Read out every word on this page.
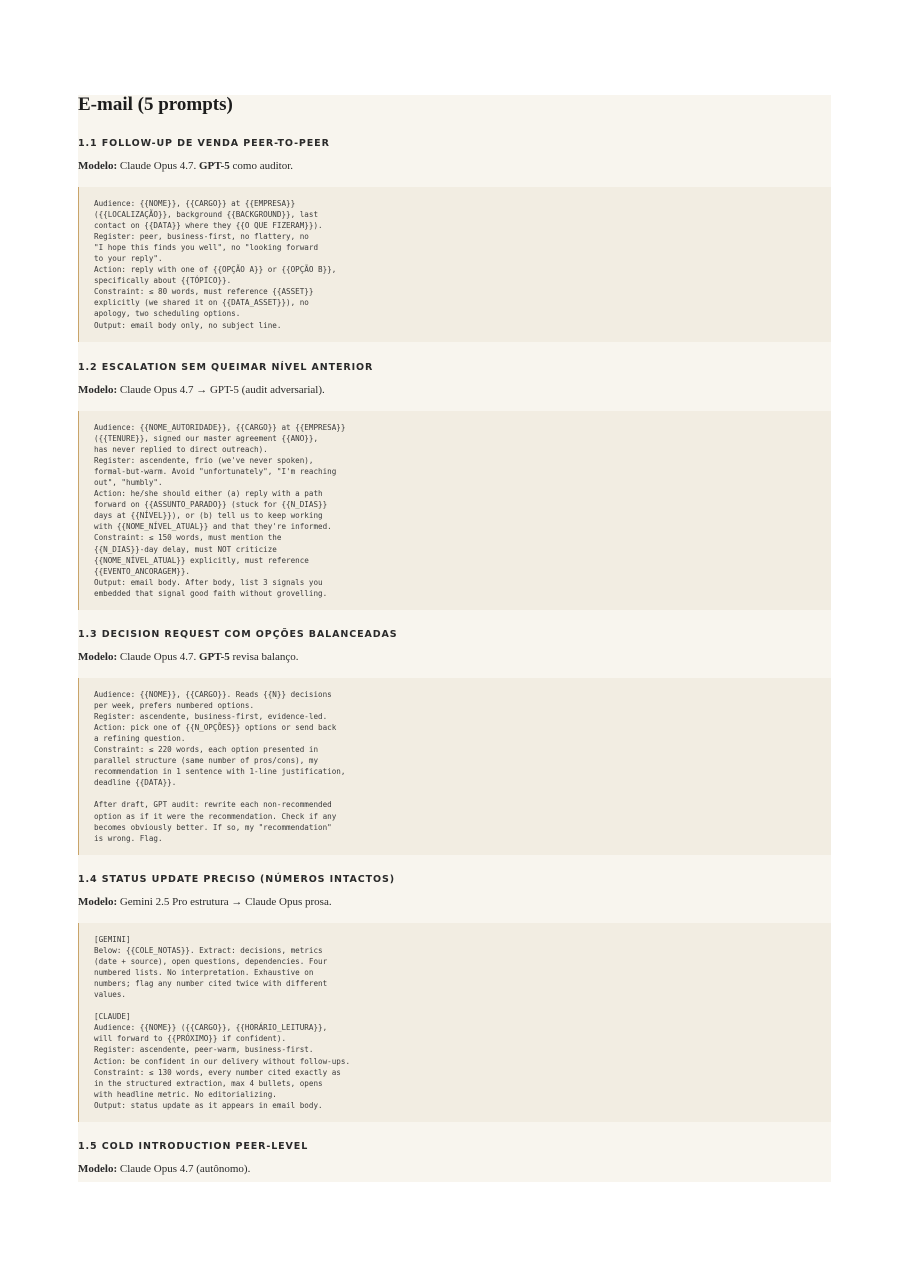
E-mail (5 prompts)
1.1 FOLLOW-UP DE VENDA PEER-TO-PEER
Modelo: Claude Opus 4.7. GPT-5 como auditor.
Audience: {{NOME}}, {{CARGO}} at {{EMPRESA}}
({{LOCALIZAÇÃO}}, background {{BACKGROUND}}, last
contact on {{DATA}} where they {{O QUE FIZERAM}}).
Register: peer, business-first, no flattery, no
"I hope this finds you well", no "looking forward
to your reply".
Action: reply with one of {{OPÇÃO A}} or {{OPÇÃO B}},
specifically about {{TÓPICO}}.
Constraint: ≤ 80 words, must reference {{ASSET}}
explicitly (we shared it on {{DATA_ASSET}}), no
apology, two scheduling options.
Output: email body only, no subject line.
1.2 ESCALATION SEM QUEIMAR NÍVEL ANTERIOR
Modelo: Claude Opus 4.7 → GPT-5 (audit adversarial).
Audience: {{NOME_AUTORIDADE}}, {{CARGO}} at {{EMPRESA}}
({{TENURE}}, signed our master agreement {{ANO}},
has never replied to direct outreach).
Register: ascendente, frio (we've never spoken),
formal-but-warm. Avoid "unfortunately", "I'm reaching
out", "humbly".
Action: he/she should either (a) reply with a path
forward on {{ASSUNTO_PARADO}} (stuck for {{N_DIAS}}
days at {{NÍVEL}}), or (b) tell us to keep working
with {{NOME_NÍVEL_ATUAL}} and that they're informed.
Constraint: ≤ 150 words, must mention the
{{N_DIAS}}-day delay, must NOT criticize
{{NOME_NÍVEL_ATUAL}} explicitly, must reference
{{EVENTO_ANCORAGEM}}.
Output: email body. After body, list 3 signals you
embedded that signal good faith without grovelling.
1.3 DECISION REQUEST COM OPÇÕES BALANCEADAS
Modelo: Claude Opus 4.7. GPT-5 revisa balanço.
Audience: {{NOME}}, {{CARGO}}. Reads {{N}} decisions
per week, prefers numbered options.
Register: ascendente, business-first, evidence-led.
Action: pick one of {{N_OPÇÕES}} options or send back
a refining question.
Constraint: ≤ 220 words, each option presented in
parallel structure (same number of pros/cons), my
recommendation in 1 sentence with 1-line justification,
deadline {{DATA}}.

After draft, GPT audit: rewrite each non-recommended
option as if it were the recommendation. Check if any
becomes obviously better. If so, my "recommendation"
is wrong. Flag.
1.4 STATUS UPDATE PRECISO (NÚMEROS INTACTOS)
Modelo: Gemini 2.5 Pro estrutura → Claude Opus prosa.
[GEMINI]
Below: {{COLE_NOTAS}}. Extract: decisions, metrics
(date + source), open questions, dependencies. Four
numbered lists. No interpretation. Exhaustive on
numbers; flag any number cited twice with different
values.

[CLAUDE]
Audience: {{NOME}} ({{CARGO}}, {{HORÁRIO_LEITURA}},
will forward to {{PRÓXIMO}} if confident).
Register: ascendente, peer-warm, business-first.
Action: be confident in our delivery without follow-ups.
Constraint: ≤ 130 words, every number cited exactly as
in the structured extraction, max 4 bullets, opens
with headline metric. No editorializing.
Output: status update as it appears in email body.
1.5 COLD INTRODUCTION PEER-LEVEL
Modelo: Claude Opus 4.7 (autônomo).
